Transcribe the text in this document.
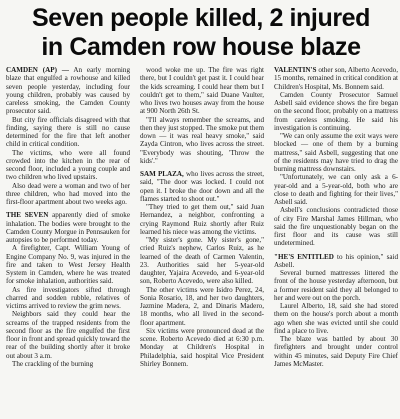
Seven people killed, 2 injured
in Camden row house blaze

CAMDEN (AP) — An early morning blaze that engulfed a rowhouse and killed seven people yesterday, including four young children, probably was caused by careless smoking, the Camden County prosecutor said.

But city fire officials disagreed with that finding, saying there is still no cause determined for the fire that left another child in critical condition.

The victims, who were all found crowded into the kitchen in the rear of second floor, included a young couple and two children who lived upstairs.

Also dead were a woman and two of her three children, who had moved into the first-floor apartment about two weeks ago.

THE SEVEN apparently died of smoke inhalation. The bodies were brought to the Camden County Morgue in Pennsauken for autopsies to be performed today.

A firefighter, Capt. William Young of Engine Company No. 9, was injured in the fire and taken to West Jersey Health System in Camden, where he was treated for smoke inhalation, authorities said.

As fire investigators sifted through charred and sodden rubble, relatives of victims arrived to review the grim news.

Neighbors said they could hear the screams of the trapped residents from the second floor as the fire engulfed the first floor in front and spread quickly toward the rear of the building shortly after it broke out about 3 a.m.

The crackling of the burning

wood woke me up. The fire was right there, but I couldn't get past it. I could hear the kids screaming. I could hear them but I couldn't get to them," said Duane Vaulter, who lives two houses away from the house at 900 North 26th St.

"I'll always remember the screams, and then they just stopped. The smoke put them down — it was real heavy smoke," said Zayda Cintron, who lives across the street. "Everybody was shouting, 'Throw the kids'."

SAM PLAZA, who lives across the street, said, "The door was locked. I could not open it. I broke the door down and all the flames started to shoot out."

"They tried to get them out," said Juan Hernandez, a neighbor, confronting a crying Raymond Ruiz shortly after Ruiz learned his niece was among the victims.

"My sister's gone. My sister's gone," cried Ruiz's nephew, Carlos Ruiz, as he learned of the death of Carmen Valentin, 23. Authorities said her 5-year-old daughter, Yajaira Acevedo, and 6-year-old son, Roberto Acevedo, were also killed.

The other victims were Isidro Perez, 24, Sonia Rosario, 18, and her two daughters, Jazmine Madera, 2, and Dinaris Madero, 18 months, who all lived in the second-floor apartment.

Six victims were pronounced dead at the scene. Roberto Acevedo died at 6:30 p.m. Monday at Children's Hospital in Philadelphia, said hospital Vice President Shirley Bonnem.

VALENTIN'S other son, Alberto Acevedo, 15 months, remained in critical condition at Children's Hospital, Ms. Bonnem said.

Camden County Prosecutor Samuel Asbell said evidence shows the fire began on the second floor, probably on a mattress from careless smoking. He said his investigation is continuing.

"We can only assume the exit ways were blocked — one of them by a burning mattress," said Asbell, suggesting that one of the residents may have tried to drag the burning mattress downstairs.

"Unfortunately, we can only ask a 6-year-old and a 5-year-old, both who are close to death and fighting for their lives," Asbell said.

Asbell's conclusions contradicted those of city Fire Marshal James Hillman, who said the fire unquestionably began on the first floor and its cause was still undetermined.

"HE'S ENTITLED to his opinion," said Asbell.

Several burned mattresses littered the front of the house yesterday afternoon, but a former resident said they all belonged to her and were out on the porch.

Laurel Alberto, 18, said she had stored them on the house's porch about a month ago when she was evicted until she could find a place to live.

The blaze was battled by about 30 firefighters and brought under control within 45 minutes, said Deputy Fire Chief James McMaster.
